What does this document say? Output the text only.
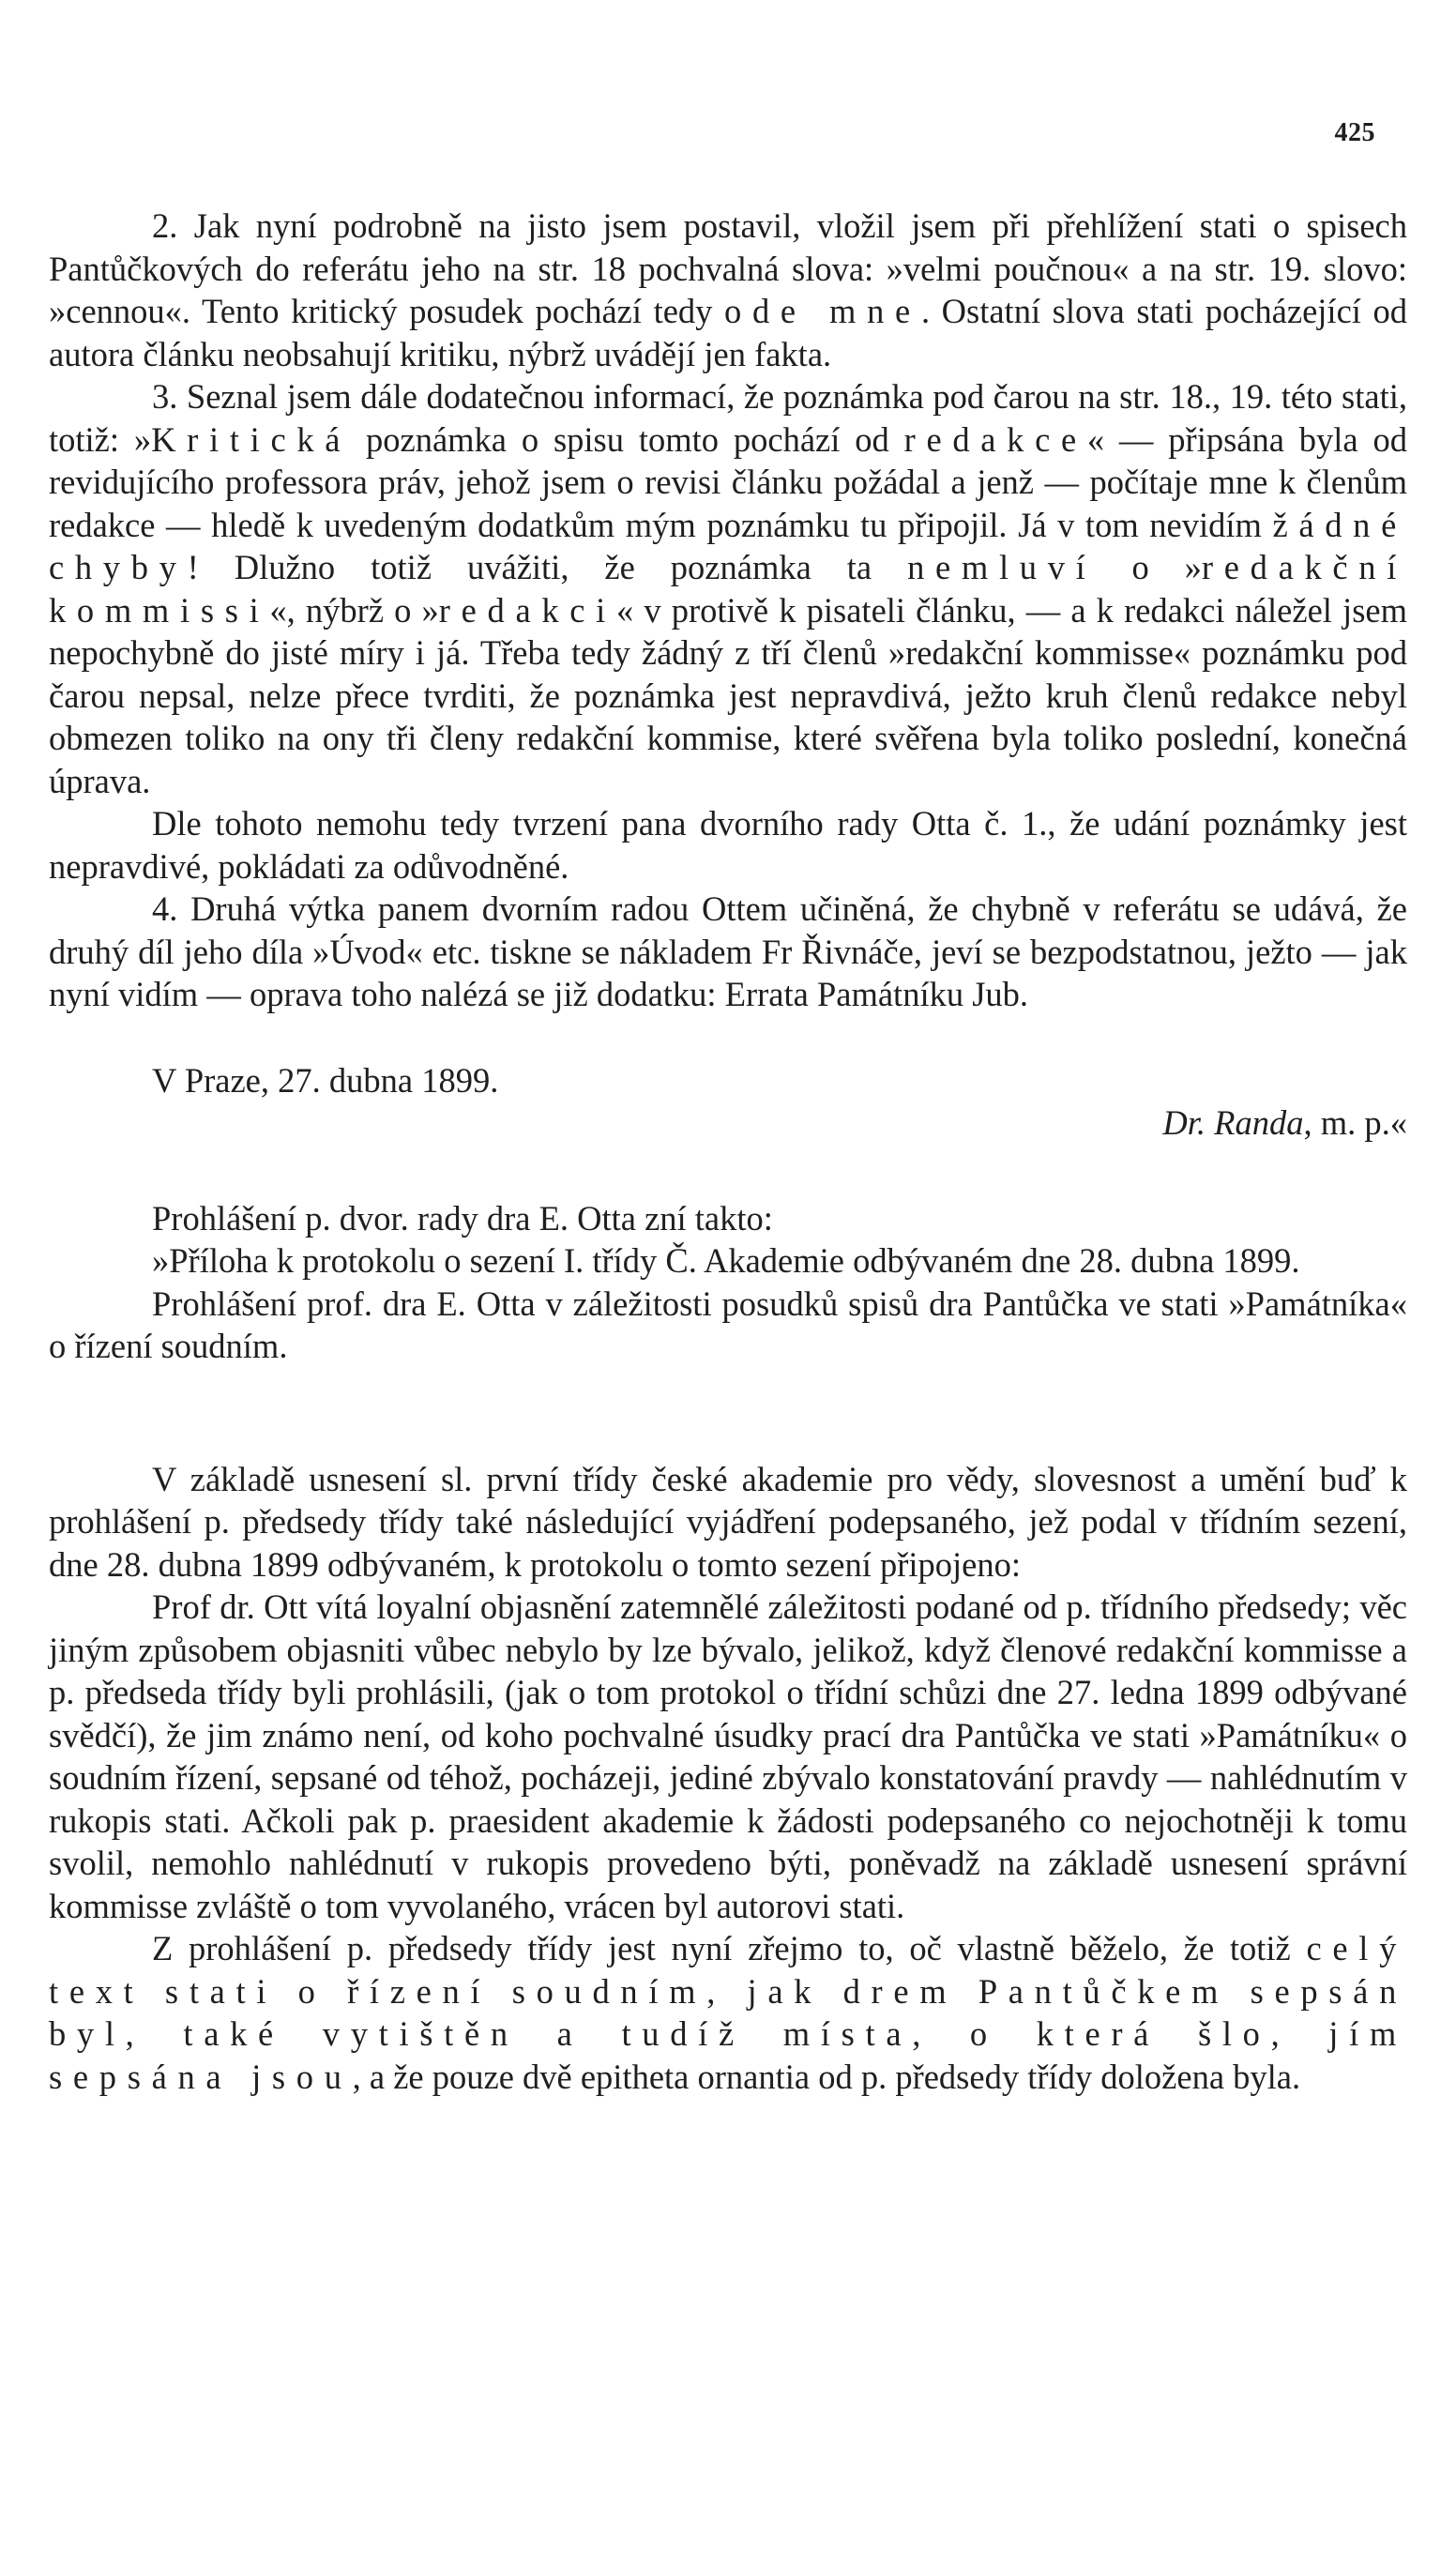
425

2. Jak nyní podrobně na jisto jsem postavil, vložil jsem při přehlížení stati o spisech Pantůčkových do referátu jeho na str. 18 pochvalná slova: »velmi poučnou« a na str. 19. slovo: »cennou«. Tento kritický posudek pochází tedy ode mne. Ostatní slova stati pocházející od autora článku neobsahují kritiku, nýbrž uvádějí jen fakta.

3. Seznal jsem dále dodatečnou informací, že poznámka pod čarou na str. 18., 19. této stati, totiž: »Kritická poznámka o spisu tomto pochází od redakce« — připsána byla od revidujícího professora práv, jehož jsem o revisi článku požádal a jenž — počítaje mne k členům redakce — hledě k uvedeným dodatkům mým poznámku tu připojil. Já v tom nevidím žádné chyby! Dlužno totiž uvážiti, že poznámka ta nemluví o »redakční kommissi«, nýbrž o »redakci« v protivě k pisateli článku, — a k redakci náležel jsem nepochybně do jisté míry i já. Třeba tedy žádný z tří členů »redakční kommisse« poznámku pod čarou nepsal, nelze přece tvrditi, že poznámka jest nepravdivá, ježto kruh členů redakce nebyl obmezen toliko na ony tři členy redakční kommise, které svěřena byla toliko poslední, konečná úprava.

Dle tohoto nemohu tedy tvrzení pana dvorního rady Otta č. 1., že udání poznámky jest nepravdivé, pokládati za odůvodněné.

4. Druhá výtka panem dvorním radou Ottem učiněná, že chybně v referátu se udává, že druhý díl jeho díla »Úvod« etc. tiskne se nákladem Fr Řivnáče, jeví se bezpodstatnou, ježto — jak nyní vidím — oprava toho nalézá se již dodatku: Errata Památníku Jub.

V Praze, 27. dubna 1899.

Dr. Randa, m. p.«

Prohlášení p. dvor. rady dra E. Otta zní takto:

»Příloha k protokolu o sezení I. třídy Č. Akademie odbývaném dne 28. dubna 1899.

Prohlášení prof. dra E. Otta v záležitosti posudků spisů dra Pantůčka ve stati »Památníka« o řízení soudním.

V základě usnesení sl. první třídy české akademie pro vědy, slovesnost a umění buď k prohlášení p. předsedy třídy také následující vyjádření podepsaného, jež podal v třídním sezení, dne 28. dubna 1899 odbývaném, k protokolu o tomto sezení připojeno:

Prof dr. Ott vítá loyalní objasnění zatemnělé záležitosti podané od p. třídního předsedy; věc jiným způsobem objasniti vůbec nebylo by lze bývalo, jelikož, když členové redakční kommisse a p. předseda třídy byli prohlásili, (jak o tom protokol o třídní schůzi dne 27. ledna 1899 odbývané svědčí), že jim známo není, od koho pochvalné úsudky prací dra Pantůčka ve stati »Památníku« o soudním řízení, sepsané od téhož, pocházeji, jediné zbývalo konstatování pravdy — nahlédnutím v rukopis stati. Ačkoli pak p. praesident akademie k žádosti podepsaného co nejochotněji k tomu svolil, nemohlo nahlédnutí v rukopis provedeno býti, poněvadž na základě usnesení správní kommisse zvláště o tom vyvolaného, vrácen byl autorovi stati.

Z prohlášení p. předsedy třídy jest nyní zřejmo to, oč vlastně běželo, že totiž celý text stati o řízení soudním, jak drem Pantůčkem sepsán byl, také vytištěn a tudíž místa, o která šlo, jím sepsána jsou, a že pouze dvě epitheta ornantia od p. předsedy třídy doložena byla.
